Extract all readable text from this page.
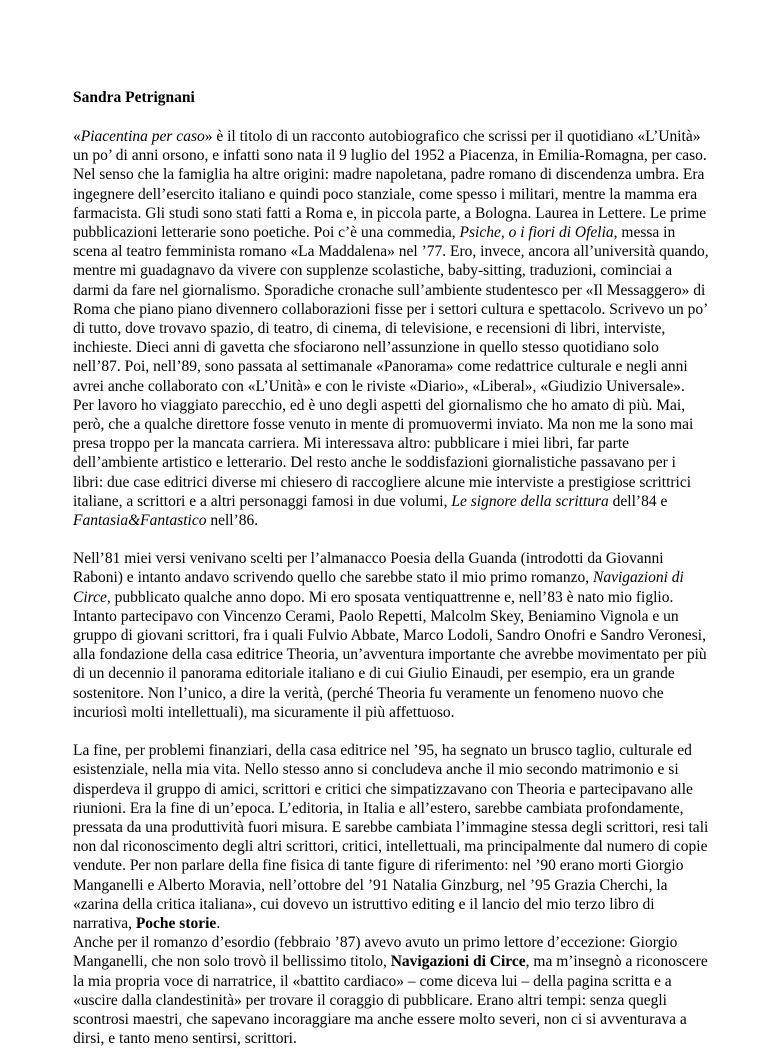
Sandra Petrignani

«Piacentina per caso» è il titolo di un racconto autobiografico che scrissi per il quotidiano «L’Unità» un po’ di anni orsono, e infatti sono nata il 9 luglio del 1952 a Piacenza, in Emilia-Romagna, per caso. Nel senso che la famiglia ha altre origini: madre napoletana, padre romano di discendenza umbra. Era ingegnere dell’esercito italiano e quindi poco stanziale, come spesso i militari, mentre la mamma era farmacista. Gli studi sono stati fatti a Roma e, in piccola parte, a Bologna. Laurea in Lettere. Le prime pubblicazioni letterarie sono poetiche. Poi c’è una commedia, Psiche, o i fiori di Ofelia, messa in scena al teatro femminista romano «La Maddalena» nel ’77. Ero, invece, ancora all’università quando, mentre mi guadagnavo da vivere con supplenze scolastiche, baby-sitting, traduzioni, cominciai a darmi da fare nel giornalismo. Sporadiche cronache sull’ambiente studentesco per «Il Messaggero» di Roma che piano piano divennero collaborazioni fisse per i settori cultura e spettacolo. Scrivevo un po’ di tutto, dove trovavo spazio, di teatro, di cinema, di televisione, e recensioni di libri, interviste, inchieste. Dieci anni di gavetta che sfociarono nell’assunzione in quello stesso quotidiano solo nell’87. Poi, nell’89, sono passata al settimanale «Panorama» come redattrice culturale e negli anni avrei anche collaborato con «L’Unità» e con le riviste «Diario», «Liberal», «Giudizio Universale». Per lavoro ho viaggiato parecchio, ed è uno degli aspetti del giornalismo che ho amato di più. Mai, però, che a qualche direttore fosse venuto in mente di promuovermi inviato. Ma non me la sono mai presa troppo per la mancata carriera. Mi interessava altro: pubblicare i miei libri, far parte dell’ambiente artistico e letterario. Del resto anche le soddisfazioni giornalistiche passavano per i libri: due case editrici diverse mi chiesero di raccogliere alcune mie interviste a prestigiose scrittrici italiane, a scrittori e a altri personaggi famosi in due volumi, Le signore della scrittura dell’84 e Fantasia&Fantastico nell’86.

Nell’81 miei versi venivano scelti per l’almanacco Poesia della Guanda (introdotti da Giovanni Raboni) e intanto andavo scrivendo quello che sarebbe stato il mio primo romanzo, Navigazioni di Circe, pubblicato qualche anno dopo. Mi ero sposata ventiquattrenne e, nell’83 è nato mio figlio. Intanto partecipavo con Vincenzo Cerami, Paolo Repetti, Malcolm Skey, Beniamino Vignola e un gruppo di giovani scrittori, fra i quali Fulvio Abbate, Marco Lodoli, Sandro Onofri e Sandro Veronesi, alla fondazione della casa editrice Theoria, un’avventura importante che avrebbe movimentato per più di un decennio il panorama editoriale italiano e di cui Giulio Einaudi, per esempio, era un grande sostenitore. Non l’unico, a dire la verità, (perché Theoria fu veramente un fenomeno nuovo che incuriosì molti intellettuali), ma sicuramente il più affettuoso.

La fine, per problemi finanziari, della casa editrice nel ’95, ha segnato un brusco taglio, culturale ed esistenziale, nella mia vita. Nello stesso anno si concludeva anche il mio secondo matrimonio e si disperdeva il gruppo di amici, scrittori e critici che simpatizzavano con Theoria e partecipavano alle riunioni. Era la fine di un’epoca. L’editoria, in Italia e all’estero, sarebbe cambiata profondamente, pressata da una produttività fuori misura. E sarebbe cambiata l’immagine stessa degli scrittori, resi tali non dal riconoscimento degli altri scrittori, critici, intellettuali, ma principalmente dal numero di copie vendute. Per non parlare della fine fisica di tante figure di riferimento: nel ’90 erano morti Giorgio Manganelli e Alberto Moravia, nell’ottobre del ’91 Natalia Ginzburg, nel ’95 Grazia Cherchi, la «zarina della critica italiana», cui dovevo un istruttivo editing e il lancio del mio terzo libro di narrativa, Poche storie.

Anche per il romanzo d’esordio (febbraio ’87) avevo avuto un primo lettore d’eccezione: Giorgio Manganelli, che non solo trovò il bellissimo titolo, Navigazioni di Circe, ma m’insegnò a riconoscere la mia propria voce di narratrice, il «battito cardiaco» – come diceva lui – della pagina scritta e a «uscire dalla clandestinità» per trovare il coraggio di pubblicare. Erano altri tempi: senza quegli scontrosi maestri, che sapevano incoraggiare ma anche essere molto severi, non ci si avventurava a dirsi, e tanto meno sentirsi, scrittori.
